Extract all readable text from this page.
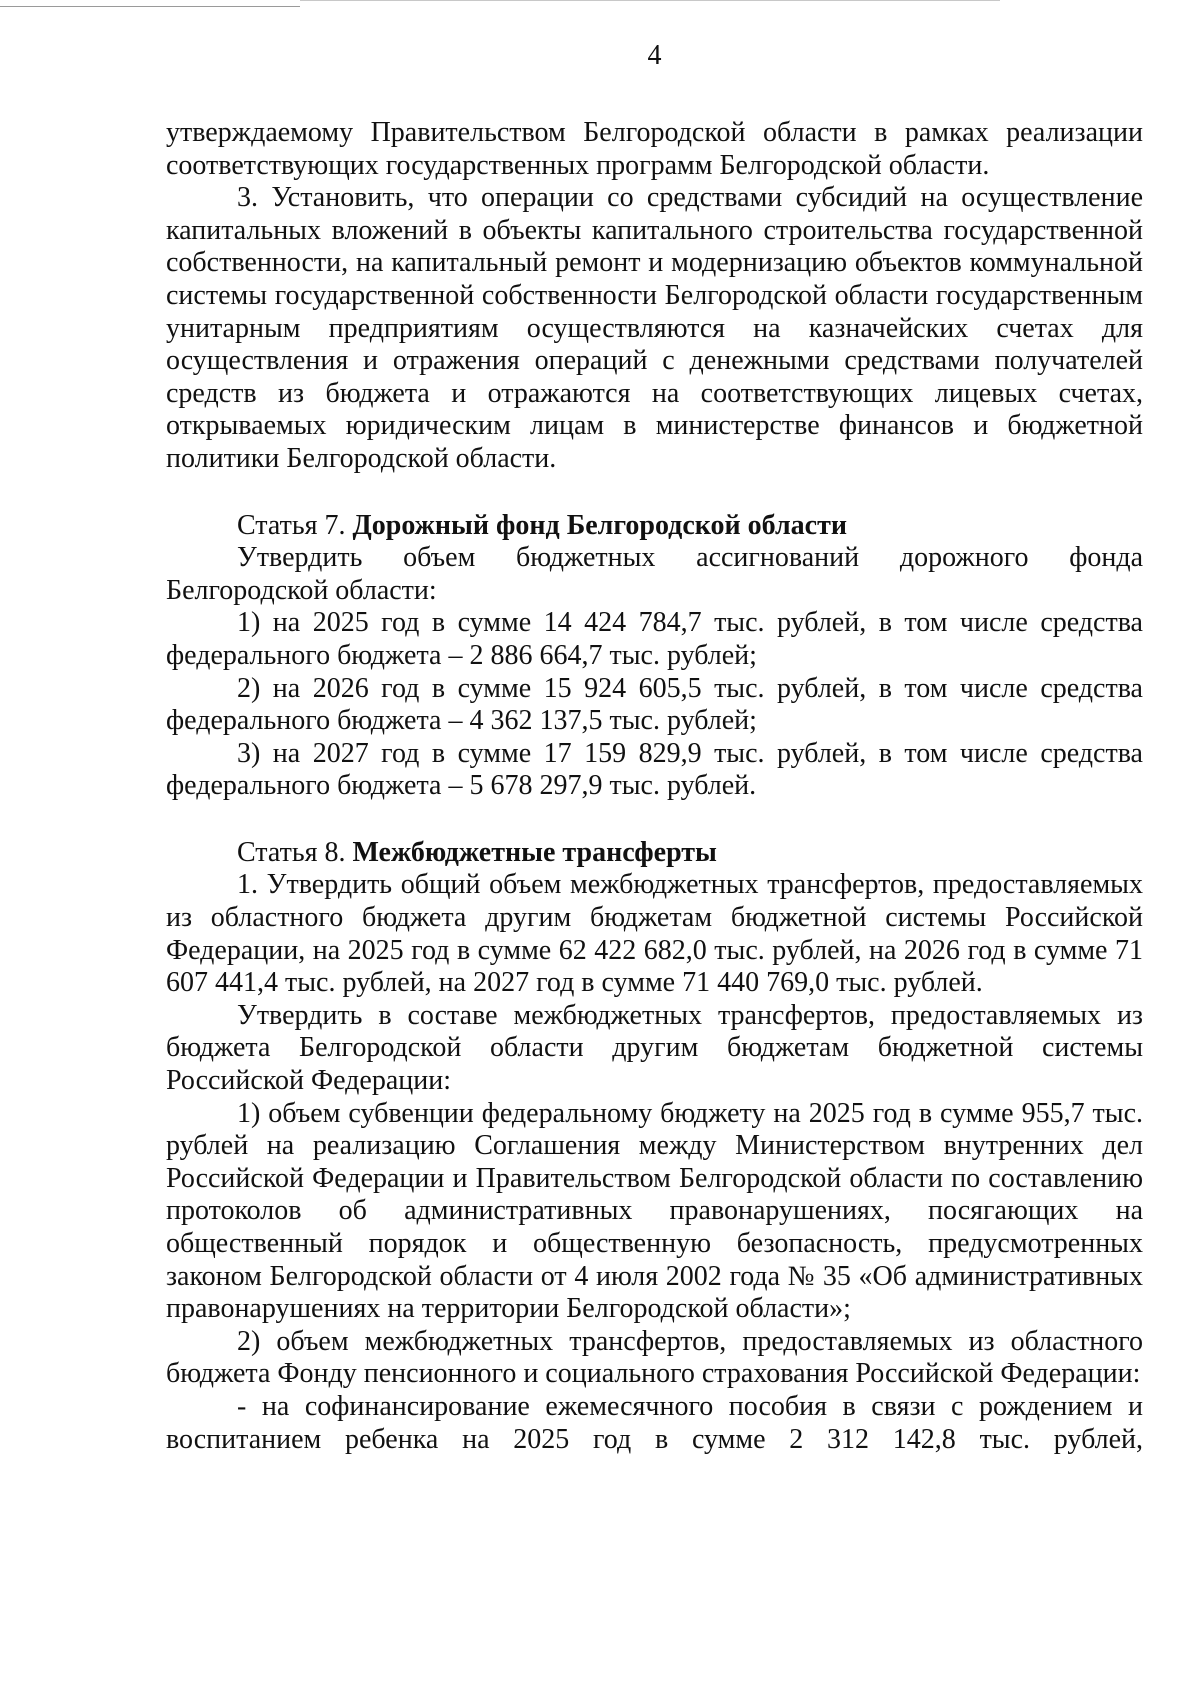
4

утверждаемому Правительством Белгородской области в рамках реализации соответствующих государственных программ Белгородской области.

3. Установить, что операции со средствами субсидий на осуществление капитальных вложений в объекты капитального строительства государственной собственности, на капитальный ремонт и модернизацию объектов коммунальной системы государственной собственности Белгородской области государственным унитарным предприятиям осуществляются на казначейских счетах для осуществления и отражения операций с денежными средствами получателей средств из бюджета и отражаются на соответствующих лицевых счетах, открываемых юридическим лицам в министерстве финансов и бюджетной политики Белгородской области.

Статья 7. Дорожный фонд Белгородской области

Утвердить объем бюджетных ассигнований дорожного фонда Белгородской области:

1) на 2025 год в сумме 14 424 784,7 тыс. рублей, в том числе средства федерального бюджета – 2 886 664,7 тыс. рублей;

2) на 2026 год в сумме 15 924 605,5 тыс. рублей, в том числе средства федерального бюджета – 4 362 137,5 тыс. рублей;

3) на 2027 год в сумме 17 159 829,9 тыс. рублей, в том числе средства федерального бюджета – 5 678 297,9 тыс. рублей.

Статья 8. Межбюджетные трансферты

1. Утвердить общий объем межбюджетных трансфертов, предоставляемых из областного бюджета другим бюджетам бюджетной системы Российской Федерации, на 2025 год в сумме 62 422 682,0 тыс. рублей, на 2026 год в сумме 71 607 441,4 тыс. рублей, на 2027 год в сумме 71 440 769,0 тыс. рублей.

Утвердить в составе межбюджетных трансфертов, предоставляемых из бюджета Белгородской области другим бюджетам бюджетной системы Российской Федерации:

1) объем субвенции федеральному бюджету на 2025 год в сумме 955,7 тыс. рублей на реализацию Соглашения между Министерством внутренних дел Российской Федерации и Правительством Белгородской области по составлению протоколов об административных правонарушениях, посягающих на общественный порядок и общественную безопасность, предусмотренных законом Белгородской области от 4 июля 2002 года № 35 «Об административных правонарушениях на территории Белгородской области»;

2) объем межбюджетных трансфертов, предоставляемых из областного бюджета Фонду пенсионного и социального страхования Российской Федерации:

- на софинансирование ежемесячного пособия в связи с рождением и воспитанием ребенка на 2025 год в сумме 2 312 142,8 тыс. рублей,
